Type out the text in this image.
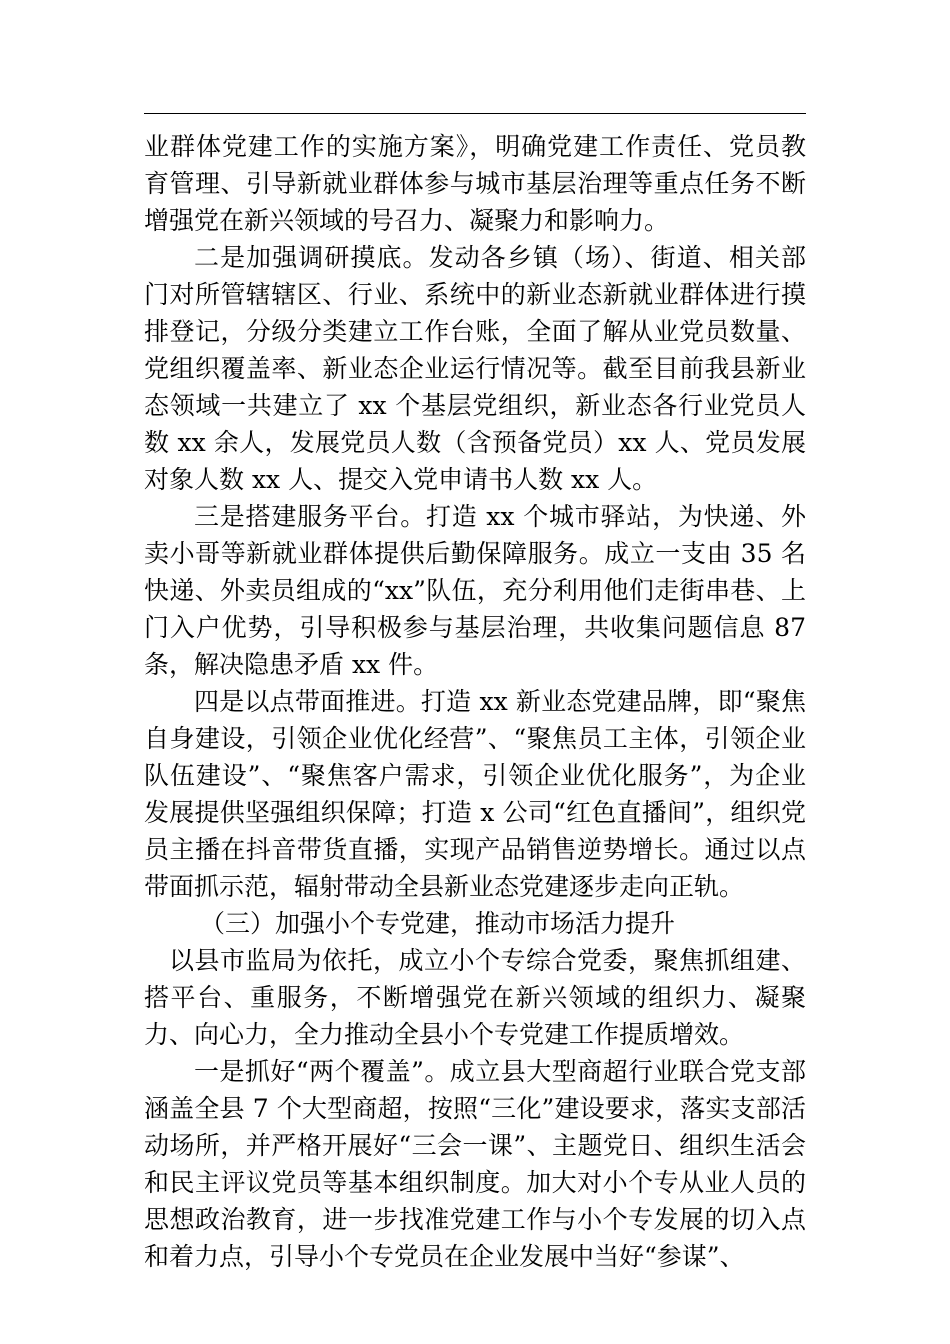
业群体党建工作的实施方案》，明确党建工作责任、党员教育管理、引导新就业群体参与城市基层治理等重点任务不断增强党在新兴领域的号召力、凝聚力和影响力。

二是加强调研摸底。发动各乡镇（场）、街道、相关部门对所管辖辖区、行业、系统中的新业态新就业群体进行摸排登记，分级分类建立工作台账，全面了解从业党员数量、党组织覆盖率、新业态企业运行情况等。截至目前我县新业态领域一共建立了 xx 个基层党组织，新业态各行业党员人数 xx 余人，发展党员人数（含预备党员）xx 人、党员发展对象人数 xx 人、提交入党申请书人数 xx 人。

三是搭建服务平台。打造 xx 个城市驿站，为快递、外卖小哥等新就业群体提供后勤保障服务。成立一支由 35 名快递、外卖员组成的“xx”队伍，充分利用他们走街串巷、上门入户优势，引导积极参与基层治理，共收集问题信息 87 条，解决隐患矛盾 xx 件。

四是以点带面推进。打造 xx 新业态党建品牌，即“聚焦自身建设，引领企业优化经营”、“聚焦员工主体，引领企业队伍建设”、“聚焦客户需求，引领企业优化服务”，为企业发展提供坚强组织保障；打造 x 公司“红色直播间”，组织党员主播在抖音带货直播，实现产品销售逆势增长。通过以点带面抓示范，辐射带动全县新业态党建逐步走向正轨。

（三）加强小个专党建，推动市场活力提升

以县市监局为依托，成立小个专综合党委，聚焦抓组建、搭平台、重服务，不断增强党在新兴领域的组织力、凝聚力、向心力，全力推动全县小个专党建工作提质增效。

一是抓好“两个覆盖”。成立县大型商超行业联合党支部涵盖全县 7 个大型商超，按照“三化”建设要求，落实支部活动场所，并严格开展好“三会一课”、主题党日、组织生活会和民主评议党员等基本组织制度。加大对小个专从业人员的思想政治教育，进一步找准党建工作与小个专发展的切入点和着力点，引导小个专党员在企业发展中当好“参谋”、
